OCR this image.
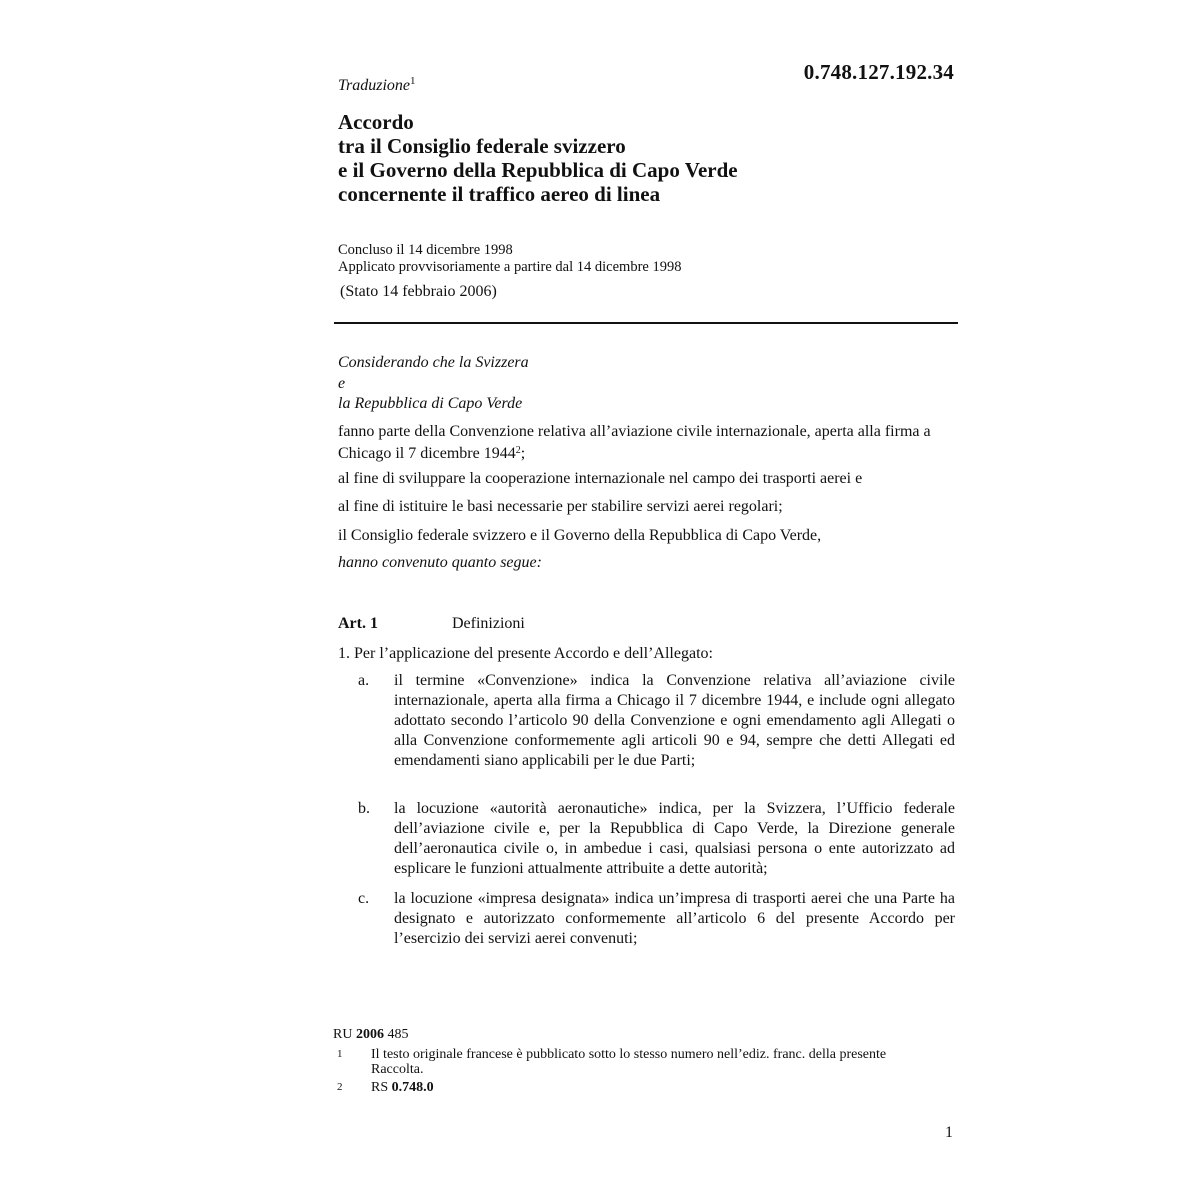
0.748.127.192.34
Traduzione$^1$
Accordo
tra il Consiglio federale svizzero
e il Governo della Repubblica di Capo Verde
concernente il traffico aereo di linea
Concluso il 14 dicembre 1998
Applicato provvisoriamente a partire dal 14 dicembre 1998
(Stato 14 febbraio 2006)
Considerando che la Svizzera
e
la Repubblica di Capo Verde
fanno parte della Convenzione relativa all’aviazione civile internazionale, aperta alla firma a Chicago il 7 dicembre 1944$^2$;
al fine di sviluppare la cooperazione internazionale nel campo dei trasporti aerei e
al fine di istituire le basi necessarie per stabilire servizi aerei regolari;
il Consiglio federale svizzero e il Governo della Repubblica di Capo Verde,
hanno convenuto quanto segue:
Art. 1	Definizioni
1. Per l’applicazione del presente Accordo e dell’Allegato:
a.	il termine «Convenzione» indica la Convenzione relativa all’aviazione civile internazionale, aperta alla firma a Chicago il 7 dicembre 1944, e include ogni allegato adottato secondo l’articolo 90 della Convenzione e ogni emendamento agli Allegati o alla Convenzione conformemente agli articoli 90 e 94, sempre che detti Allegati ed emendamenti siano applicabili per le due Parti;
b.	la locuzione «autorità aeronautiche» indica, per la Svizzera, l’Ufficio federale dell’aviazione civile e, per la Repubblica di Capo Verde, la Direzione generale dell’aeronautica civile o, in ambedue i casi, qualsiasi persona o ente autorizzato ad esplicare le funzioni attualmente attribuite a dette autorità;
c.	la locuzione «impresa designata» indica un’impresa di trasporti aerei che una Parte ha designato e autorizzato conformemente all’articolo 6 del presente Accordo per l’esercizio dei servizi aerei convenuti;
RU 2006 485
1	Il testo originale francese è pubblicato sotto lo stesso numero nell’ediz. franc. della presente Raccolta.
2	RS 0.748.0
1
